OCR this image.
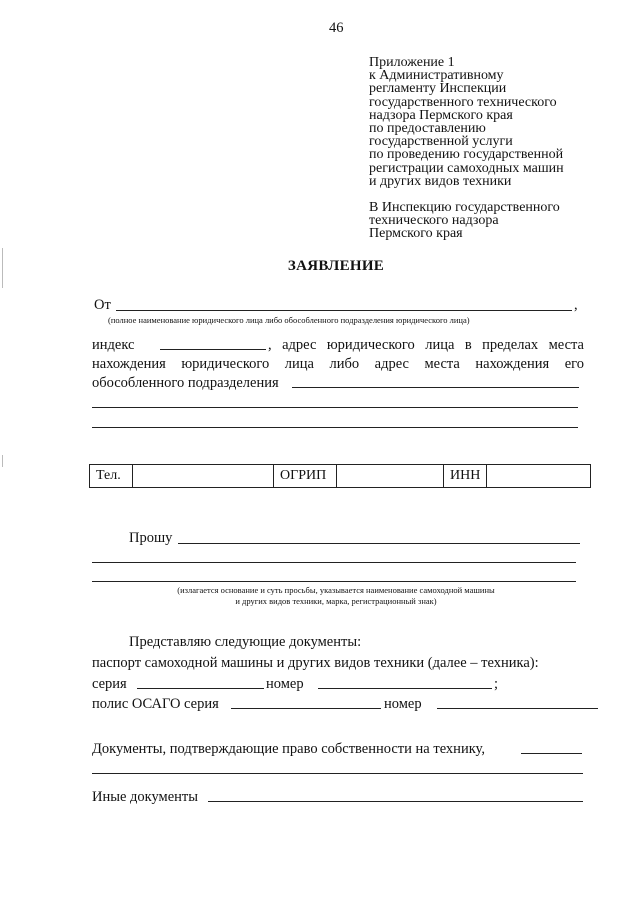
46
Приложение 1
к Административному
регламенту Инспекции
государственного технического
надзора Пермского края
по предоставлению
государственной услуги
по проведению государственной
регистрации самоходных машин
и других видов техники
В Инспекцию государственного
технического надзора
Пермского края
ЗАЯВЛЕНИЕ
От	,
(полное наименование юридического лица либо обособленного подразделения юридического лица)
индекс	, адрес юридического лица в пределах места
нахождения юридического лица либо адрес места нахождения его
обособленного подразделения
Тел.		ОГРИП		ИНН	
Прошу
(излагается основание и суть просьбы, указывается наименование самоходной машины
и других видов техники, марка, регистрационный знак)
Представляю следующие документы:
паспорт самоходной машины и других видов техники (далее – техника):
серия	номер	;
полис ОСАГО серия	номер
Документы, подтверждающие право собственности на технику,
Иные документы
